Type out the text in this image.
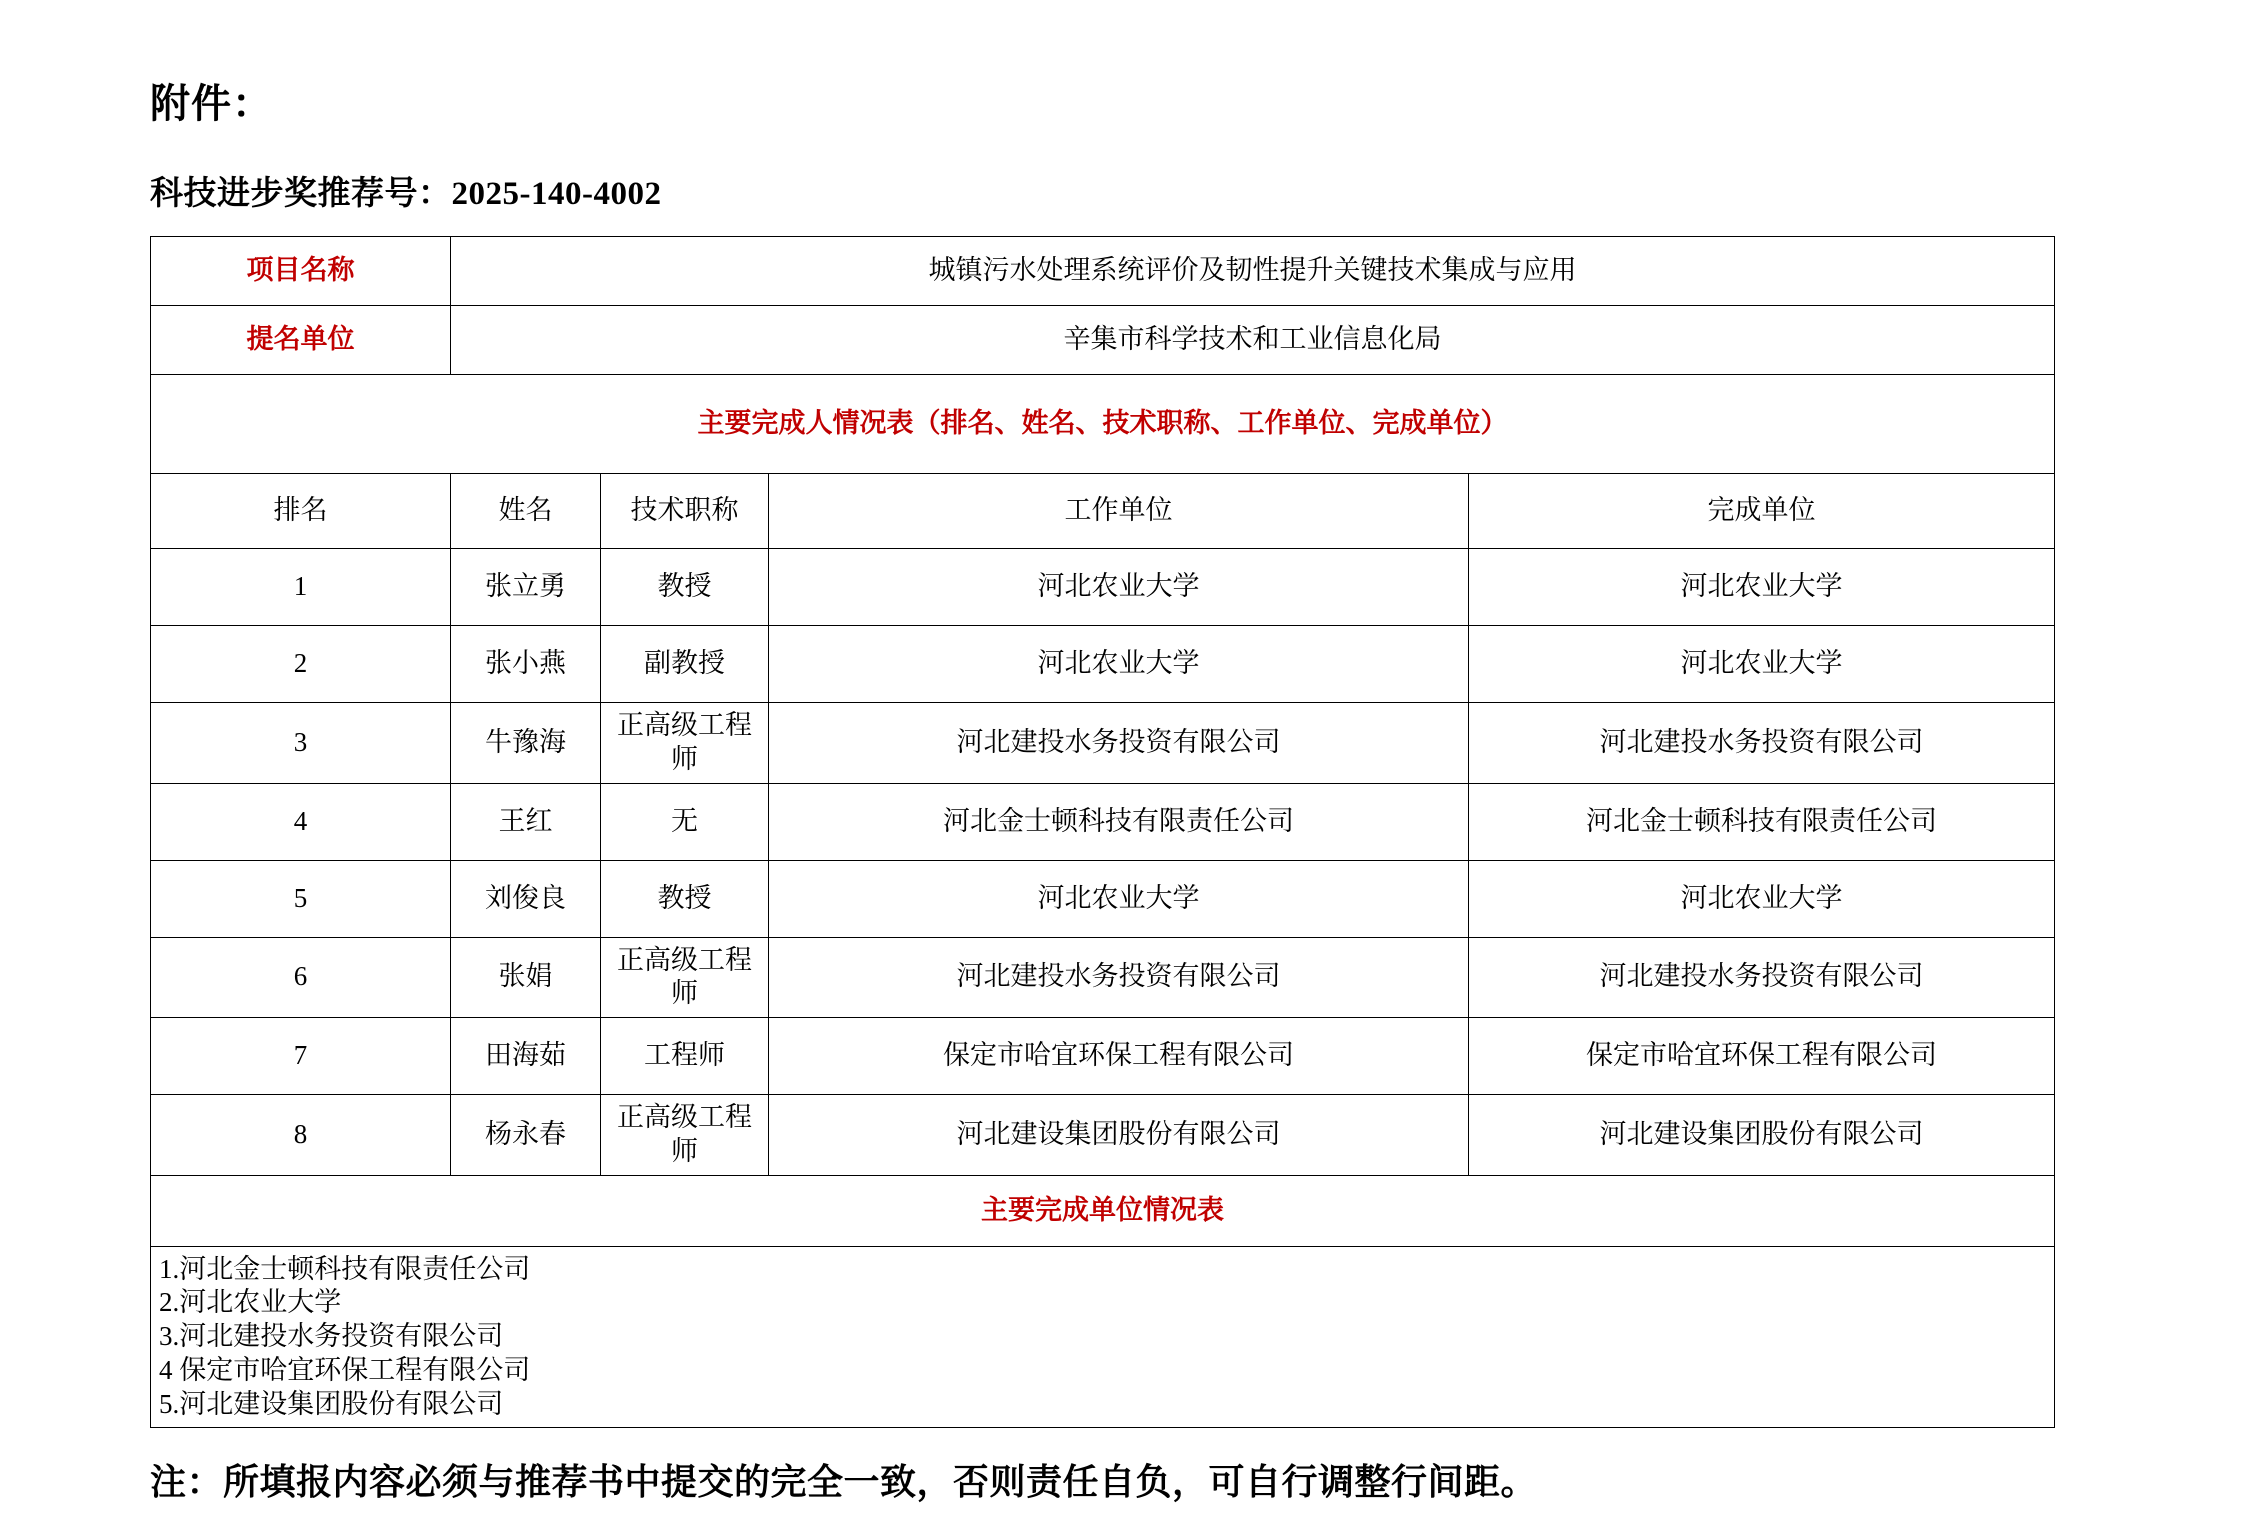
附件：
科技进步奖推荐号：2025-140-4002
项目名称	城镇污水处理系统评价及韧性提升关键技术集成与应用			
提名单位	辛集市科学技术和工业信息化局			
主要完成人情况表（排名、姓名、技术职称、工作单位、完成单位）				
排名	姓名	技术职称	工作单位	完成单位
1	张立勇	教授	河北农业大学	河北农业大学
2	张小燕	副教授	河北农业大学	河北农业大学
3	牛豫海	正高级工程师	河北建投水务投资有限公司	河北建投水务投资有限公司
4	王红	无	河北金士顿科技有限责任公司	河北金士顿科技有限责任公司
5	刘俊良	教授	河北农业大学	河北农业大学
6	张娟	正高级工程师	河北建投水务投资有限公司	河北建投水务投资有限公司
7	田海茹	工程师	保定市哈宜环保工程有限公司	保定市哈宜环保工程有限公司
8	杨永春	正高级工程师	河北建设集团股份有限公司	河北建设集团股份有限公司
主要完成单位情况表				

1.河北金士顿科技有限责任公司
2.河北农业大学
3.河北建投水务投资有限公司
4 保定市哈宜环保工程有限公司
5.河北建设集团股份有限公司				
注：所填报内容必须与推荐书中提交的完全一致，否则责任自负，可自行调整行间距。
